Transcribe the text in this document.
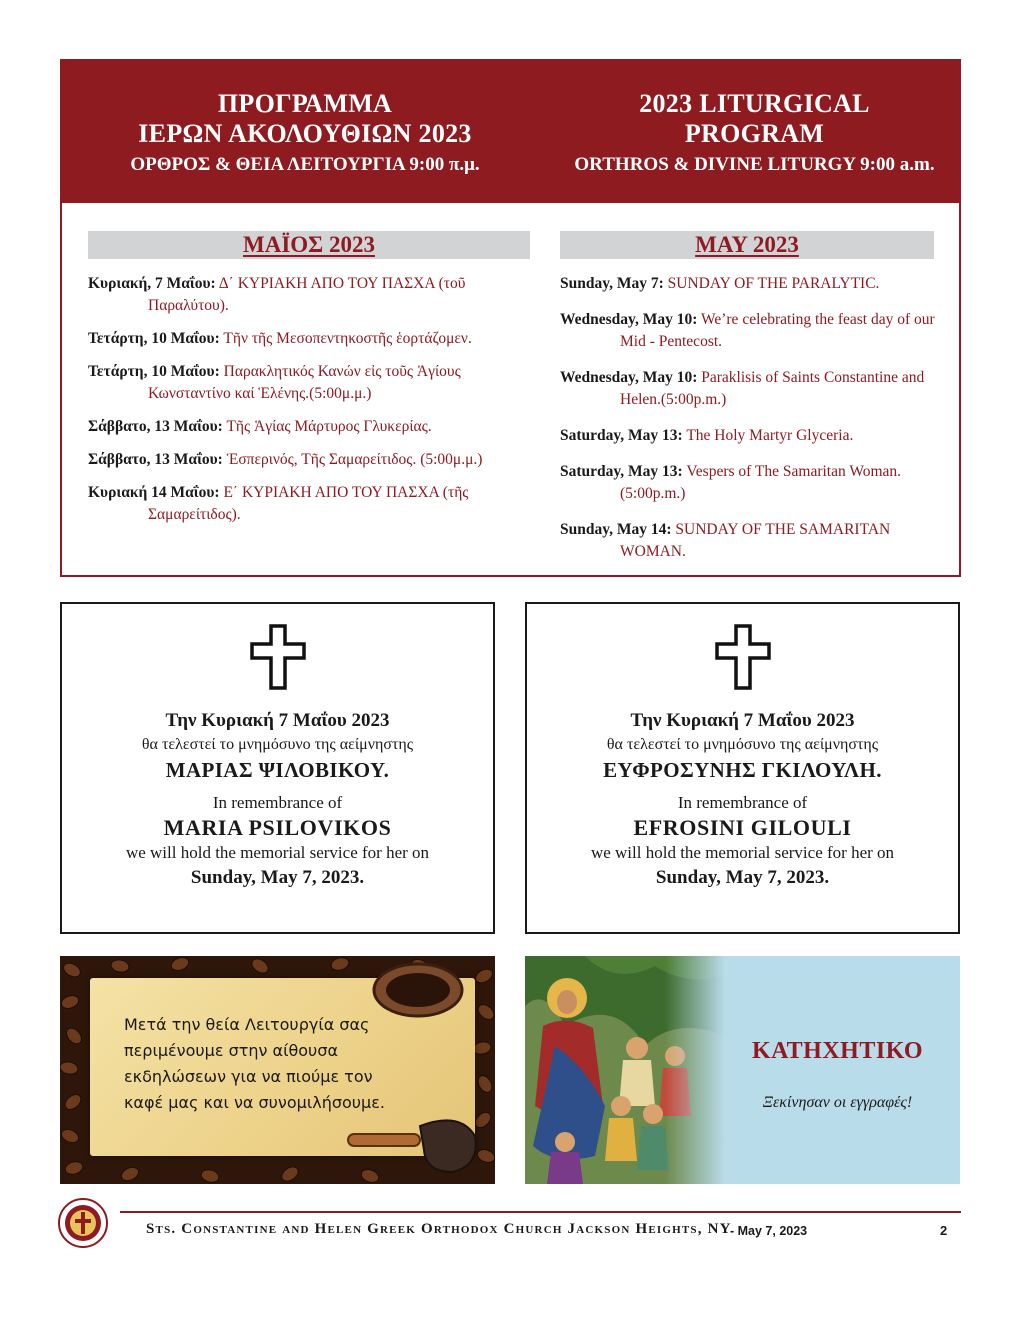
ΠΡΟΓΡΑΜΜΑ
ΙΕΡΩΝ ΑΚΟΛΟΥΘΙΩΝ 2023
ΟΡΘΡΟΣ & ΘΕΙΑ ΛΕΙΤΟΥΡΓΙΑ 9:00 π.μ.
2023 LITURGICAL
PROGRAM
ORTHROS & DIVINE LITURGY 9:00 a.m.
ΜΑΪΟΣ 2023	MAY 2023
Κυριακή, 7 Μαΐου: Δ΄ ΚΥΡΙΑΚΗ ΑΠΟ ΤΟΥ ΠΑΣΧΑ (τοῦ Παραλύτου).
Τετάρτη, 10 Μαΐου: Τῆν τῆς Μεσοπεντηκοστῆς ἑορτάζομεν.
Τετάρτη, 10 Μαΐου: Παρακλητικός Κανών εἰς τοῦς Ἁγίους Κωνσταντίνο καί Ἑλένης.(5:00μ.μ.)
Σάββατο, 13 Μαΐου: Τῆς Ἁγίας Μάρτυρος Γλυκερίας.
Σάββατο, 13 Μαΐου: Ἑσπερινός, Τῆς Σαμαρείτιδος. (5:00μ.μ.)
Κυριακή 14 Μαΐου: Ε΄ ΚΥΡΙΑΚΗ ΑΠΟ ΤΟΥ ΠΑΣΧΑ (τῆς Σαμαρείτιδος).
Sunday, May 7: SUNDAY OF THE PARALYTIC.
Wednesday, May 10: We’re celebrating the feast day of our Mid - Pentecost.
Wednesday, May 10: Paraklisis of Saints Constantine and Helen.(5:00p.m.)
Saturday, May 13: The Holy Martyr Glyceria.
Saturday, May 13: Vespers of The Samaritan Woman.(5:00p.m.)
Sunday, May 14: SUNDAY OF THE SAMARITAN WOMAN.
Την Κυριακή 7 Μαΐου 2023
θα τελεστεί το μνημόσυνο της αείμνηστης
ΜΑΡΙΑΣ ΨΙΛΟΒΙΚΟΥ.
In remembrance of
MARIA PSILOVIKOS
we will hold the memorial service for her on
Sunday, May 7, 2023.
Την Κυριακή 7 Μαΐου 2023
θα τελεστεί το μνημόσυνο της αείμνηστης
ΕΥΦΡΟΣΥΝΗΣ ΓΚΙΛΟΥΛΗ.
In remembrance of
EFROSINI GILOULI
we will hold the memorial service for her on
Sunday, May 7, 2023.
Μετά την θεία Λειτουργία σας
περιμένουμε στην αίθουσα
εκδηλώσεων για να πιούμε τον
καφέ μας και να συνομιλήσουμε.
ΚΑΤΗΧΗΤΙΚΟ
Ξεκίνησαν οι εγγραφές!
Sts. Constantine and Helen Greek Orthodox Church Jackson Heights, NY
- May 7, 2023	2
